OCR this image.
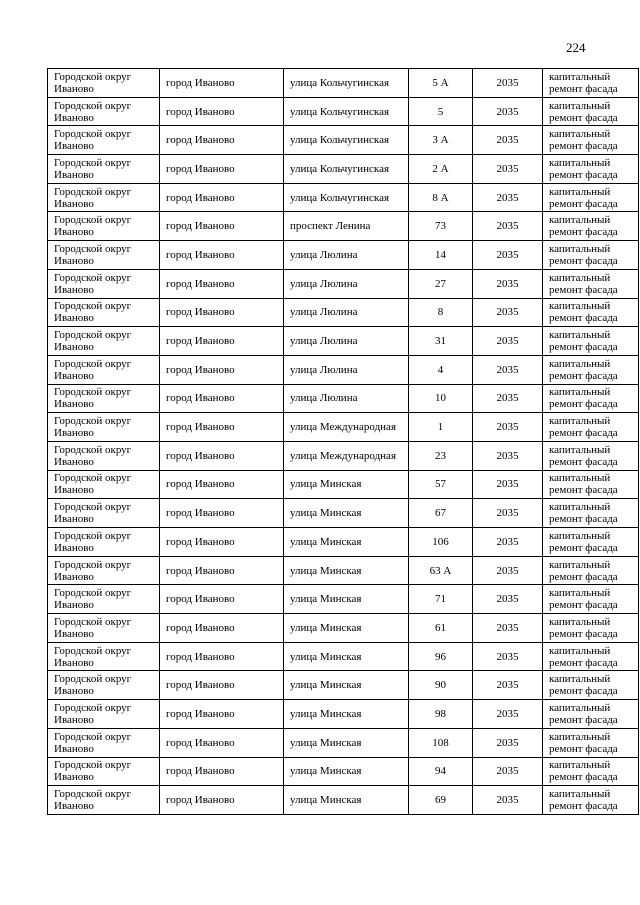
224
Городской округ Иваново	город Иваново	улица Кольчугинская	5 А	2035	капитальный ремонт фасада

Городской округ Иваново	город Иваново	улица Кольчугинская	5	2035	капитальный ремонт фасада

Городской округ Иваново	город Иваново	улица Кольчугинская	3 А	2035	капитальный ремонт фасада

Городской округ Иваново	город Иваново	улица Кольчугинская	2 А	2035	капитальный ремонт фасада

Городской округ Иваново	город Иваново	улица Кольчугинская	8 А	2035	капитальный ремонт фасада

Городской округ Иваново	город Иваново	проспект Ленина	73	2035	капитальный ремонт фасада

Городской округ Иваново	город Иваново	улица Люлина	14	2035	капитальный ремонт фасада

Городской округ Иваново	город Иваново	улица Люлина	27	2035	капитальный ремонт фасада

Городской округ Иваново	город Иваново	улица Люлина	8	2035	капитальный ремонт фасада

Городской округ Иваново	город Иваново	улица Люлина	31	2035	капитальный ремонт фасада

Городской округ Иваново	город Иваново	улица Люлина	4	2035	капитальный ремонт фасада

Городской округ Иваново	город Иваново	улица Люлина	10	2035	капитальный ремонт фасада

Городской округ Иваново	город Иваново	улица Международная	1	2035	капитальный ремонт фасада

Городской округ Иваново	город Иваново	улица Международная	23	2035	капитальный ремонт фасада

Городской округ Иваново	город Иваново	улица Минская	57	2035	капитальный ремонт фасада

Городской округ Иваново	город Иваново	улица Минская	67	2035	капитальный ремонт фасада

Городской округ Иваново	город Иваново	улица Минская	106	2035	капитальный ремонт фасада

Городской округ Иваново	город Иваново	улица Минская	63 А	2035	капитальный ремонт фасада

Городской округ Иваново	город Иваново	улица Минская	71	2035	капитальный ремонт фасада

Городской округ Иваново	город Иваново	улица Минская	61	2035	капитальный ремонт фасада

Городской округ Иваново	город Иваново	улица Минская	96	2035	капитальный ремонт фасада

Городской округ Иваново	город Иваново	улица Минская	90	2035	капитальный ремонт фасада

Городской округ Иваново	город Иваново	улица Минская	98	2035	капитальный ремонт фасада

Городской округ Иваново	город Иваново	улица Минская	108	2035	капитальный ремонт фасада

Городской округ Иваново	город Иваново	улица Минская	94	2035	капитальный ремонт фасада

Городской округ Иваново	город Иваново	улица Минская	69	2035	капитальный ремонт фасада
